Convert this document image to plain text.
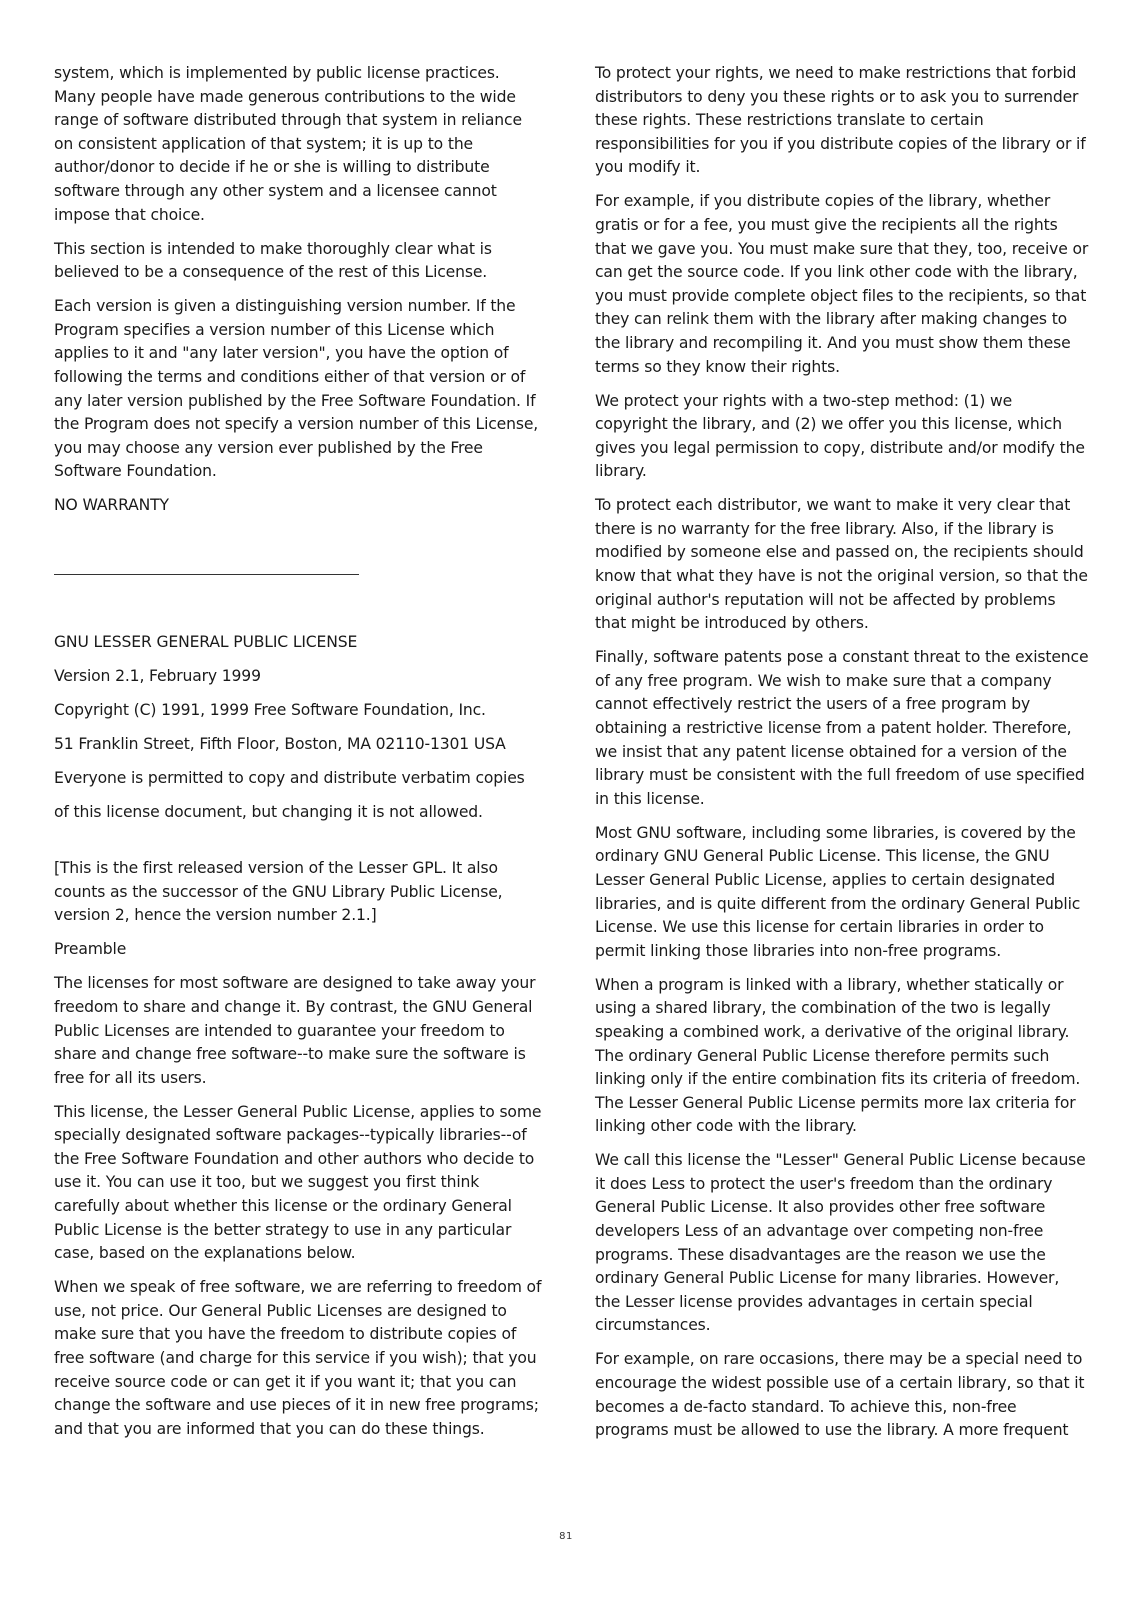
system, which is implemented by public license practices. Many people have made generous contributions to the wide range of software distributed through that system in reliance on consistent application of that system; it is up to the author/donor to decide if he or she is willing to distribute software through any other system and a licensee cannot impose that choice.

This section is intended to make thoroughly clear what is believed to be a consequence of the rest of this License.

Each version is given a distinguishing version number. If the Program specifies a version number of this License which applies to it and "any later version", you have the option of following the terms and conditions either of that version or of any later version published by the Free Software Foundation. If the Program does not specify a version number of this License, you may choose any version ever published by the Free Software Foundation.

NO WARRANTY

GNU LESSER GENERAL PUBLIC LICENSE

Version 2.1, February 1999

Copyright (C) 1991, 1999 Free Software Foundation, Inc.

51 Franklin Street, Fifth Floor, Boston, MA 02110-1301 USA

Everyone is permitted to copy and distribute verbatim copies

of this license document, but changing it is not allowed.

[This is the first released version of the Lesser GPL. It also counts as the successor of the GNU Library Public License, version 2, hence the version number 2.1.]

Preamble

The licenses for most software are designed to take away your freedom to share and change it. By contrast, the GNU General Public Licenses are intended to guarantee your freedom to share and change free software--to make sure the software is free for all its users.

This license, the Lesser General Public License, applies to some specially designated software packages--typically libraries--of the Free Software Foundation and other authors who decide to use it. You can use it too, but we suggest you first think carefully about whether this license or the ordinary General Public License is the better strategy to use in any particular case, based on the explanations below.

When we speak of free software, we are referring to freedom of use, not price. Our General Public Licenses are designed to make sure that you have the freedom to distribute copies of free software (and charge for this service if you wish); that you receive source code or can get it if you want it; that you can change the software and use pieces of it in new free programs; and that you are informed that you can do these things.

To protect your rights, we need to make restrictions that forbid distributors to deny you these rights or to ask you to surrender these rights. These restrictions translate to certain responsibilities for you if you distribute copies of the library or if you modify it.

For example, if you distribute copies of the library, whether gratis or for a fee, you must give the recipients all the rights that we gave you. You must make sure that they, too, receive or can get the source code. If you link other code with the library, you must provide complete object files to the recipients, so that they can relink them with the library after making changes to the library and recompiling it. And you must show them these terms so they know their rights.

We protect your rights with a two-step method: (1) we copyright the library, and (2) we offer you this license, which gives you legal permission to copy, distribute and/or modify the library.

To protect each distributor, we want to make it very clear that there is no warranty for the free library. Also, if the library is modified by someone else and passed on, the recipients should know that what they have is not the original version, so that the original author's reputation will not be affected by problems that might be introduced by others.

Finally, software patents pose a constant threat to the existence of any free program. We wish to make sure that a company cannot effectively restrict the users of a free program by obtaining a restrictive license from a patent holder. Therefore, we insist that any patent license obtained for a version of the library must be consistent with the full freedom of use specified in this license.

Most GNU software, including some libraries, is covered by the ordinary GNU General Public License. This license, the GNU Lesser General Public License, applies to certain designated libraries, and is quite different from the ordinary General Public License. We use this license for certain libraries in order to permit linking those libraries into non-free programs.

When a program is linked with a library, whether statically or using a shared library, the combination of the two is legally speaking a combined work, a derivative of the original library. The ordinary General Public License therefore permits such linking only if the entire combination fits its criteria of freedom. The Lesser General Public License permits more lax criteria for linking other code with the library.

We call this license the "Lesser" General Public License because it does Less to protect the user's freedom than the ordinary General Public License. It also provides other free software developers Less of an advantage over competing non-free programs. These disadvantages are the reason we use the ordinary General Public License for many libraries. However, the Lesser license provides advantages in certain special circumstances.

For example, on rare occasions, there may be a special need to encourage the widest possible use of a certain library, so that it becomes a de-facto standard. To achieve this, non-free programs must be allowed to use the library. A more frequent

81
